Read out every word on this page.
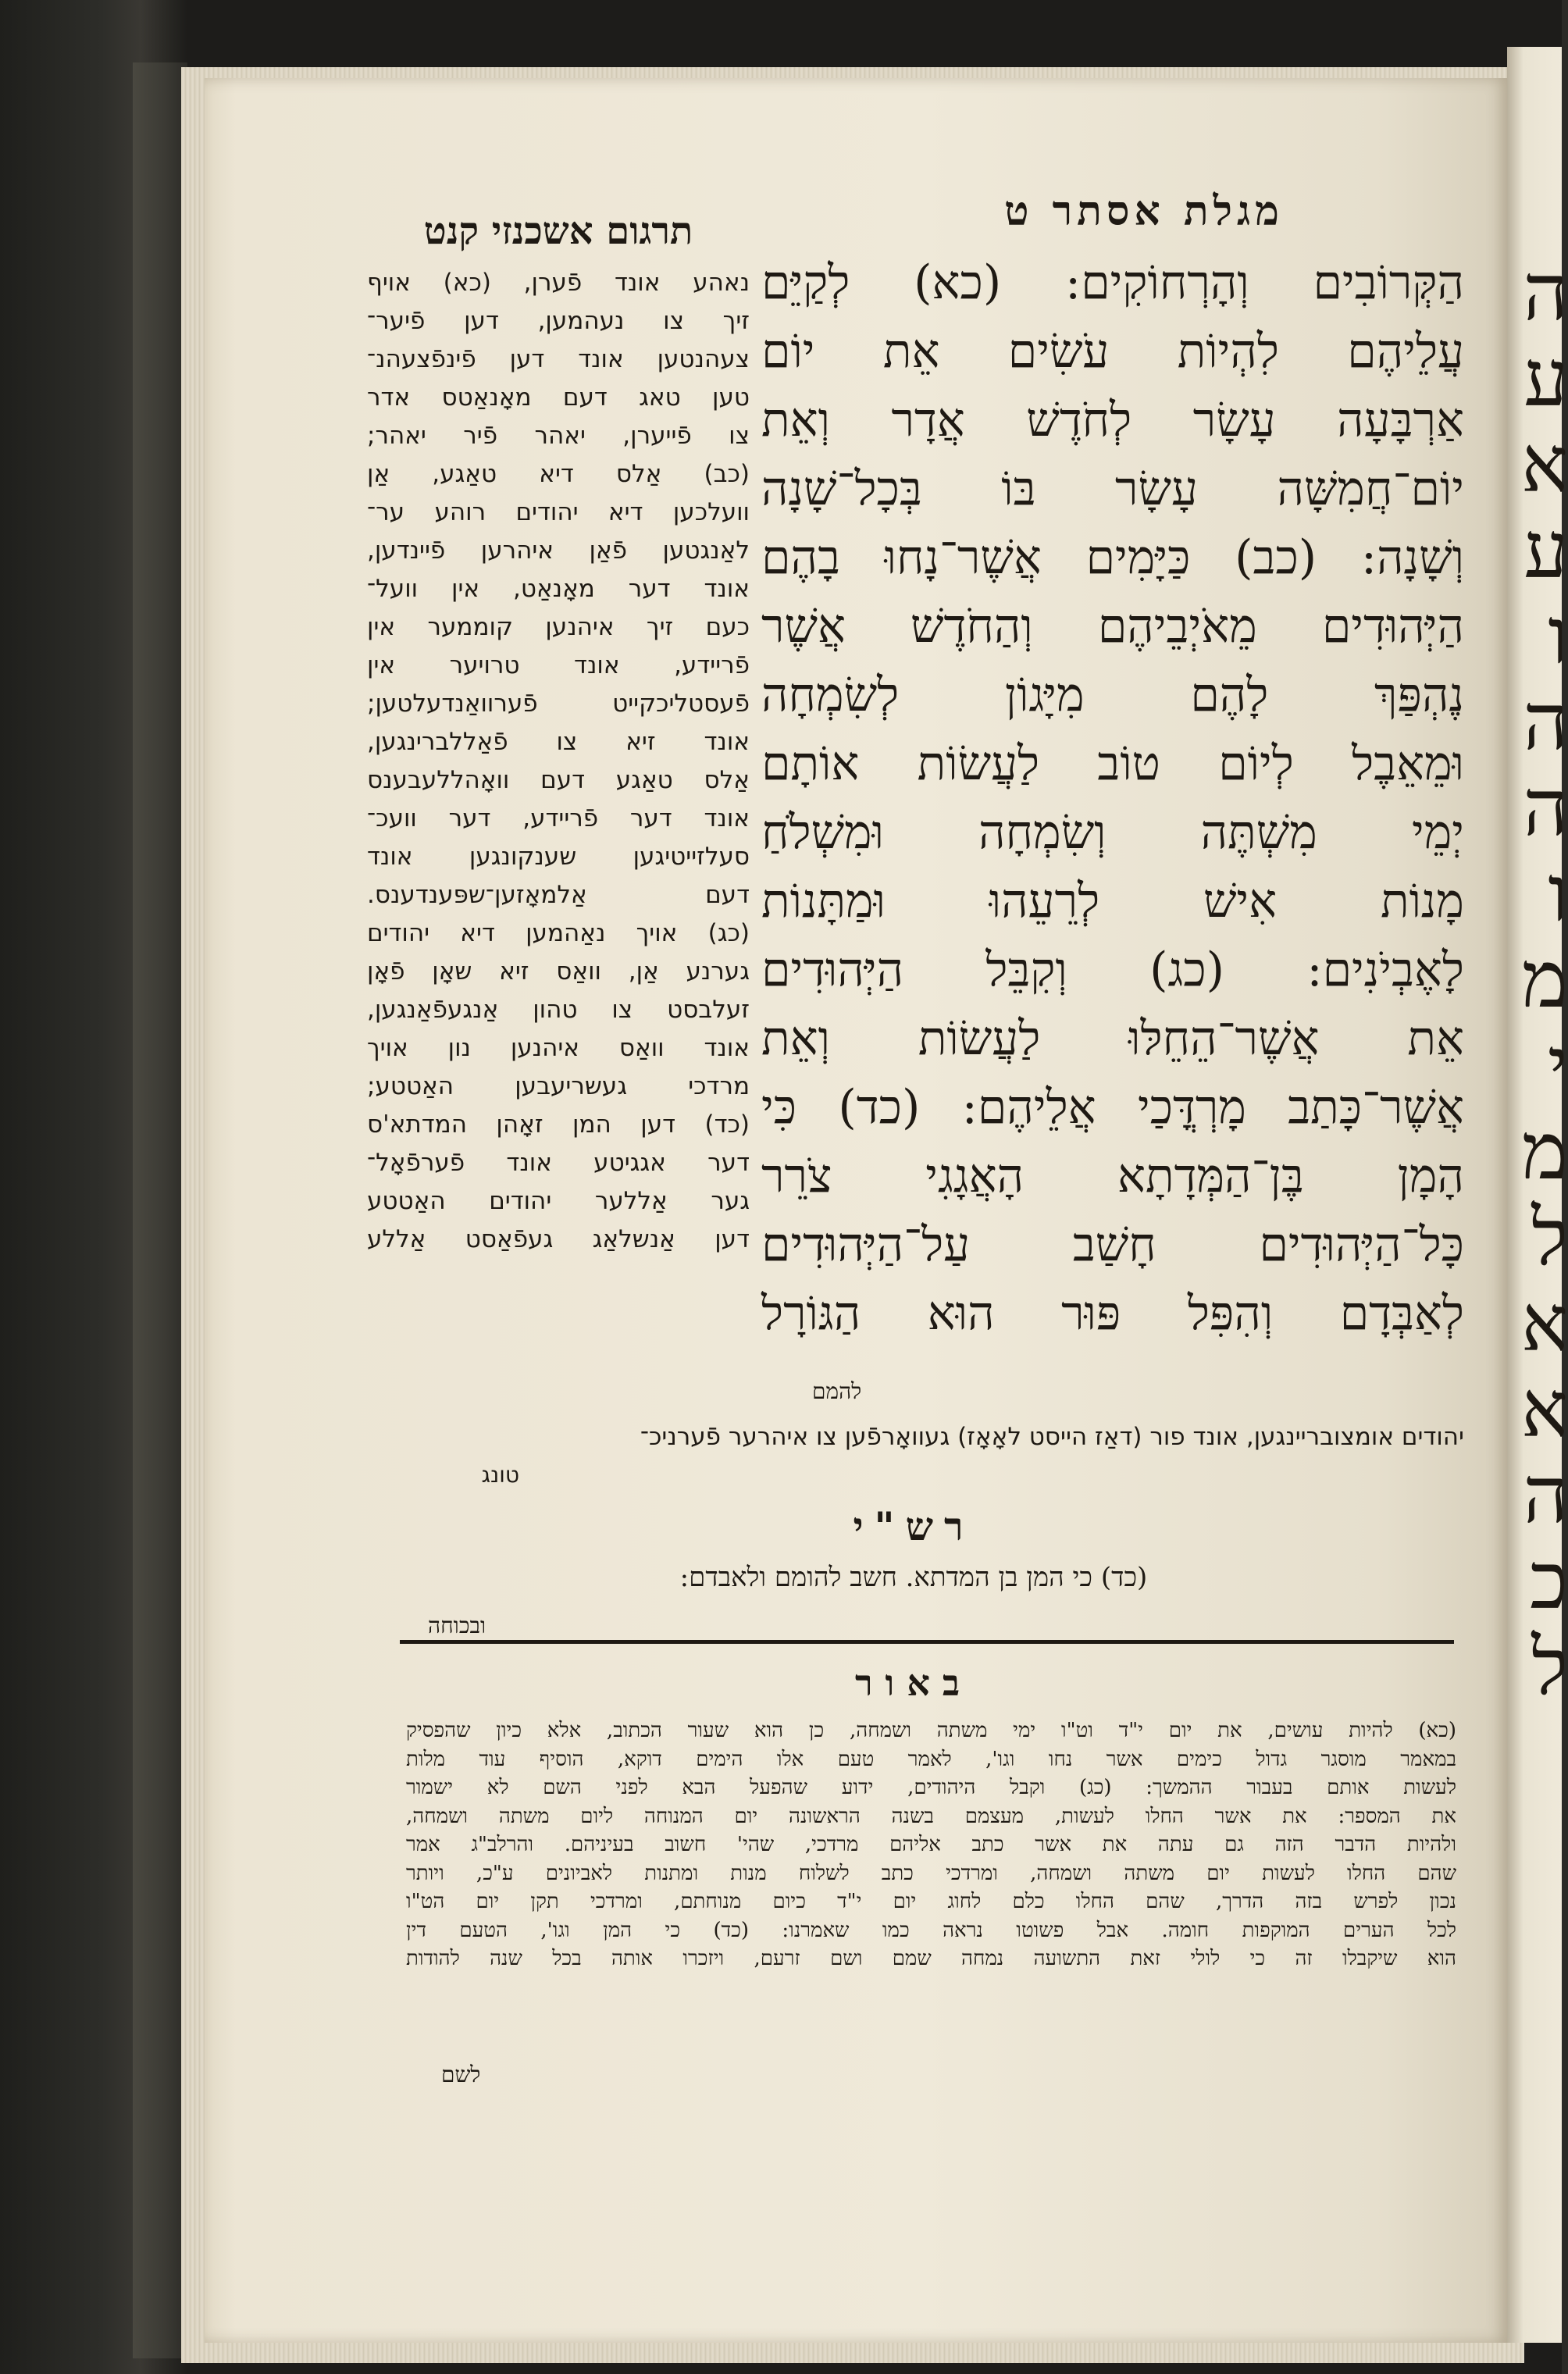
ה ע א ע ו ה ה ו מ י מ ל א א ה כ ל
מגלת אסתר ט
תרגום אשכנזי קנט
הַקְּרוֹבִים וְהָרְחוֹקִים: (כא) לְקַיֵּם
עֲלֵיהֶם לִהְיוֹת עֹשִׂים אֵת יוֹם
אַרְבָּעָה עָשָׂר לְחֹדֶשׁ אֲדָר וְאֵת
יוֹם־חֲמִשָּׁה עָשָׂר בּוֹ בְּכָל־שָׁנָה
וְשָׁנָה: (כב) כַּיָּמִים אֲשֶׁר־נָחוּ בָהֶם
הַיְּהוּדִים מֵאֹיְבֵיהֶם וְהַחֹדֶשׁ אֲשֶׁר
נֶהְפַּךְ לָהֶם מִיָּגוֹן לְשִׂמְחָה
וּמֵאֵבֶל לְיוֹם טוֹב לַעֲשׂוֹת אוֹתָם
יְמֵי מִשְׁתֶּה וְשִׂמְחָה וּמִשְׁלֹחַ
מָנוֹת אִישׁ לְרֵעֵהוּ וּמַתָּנוֹת
לָאֶבְיֹנִים: (כג) וְקִבֵּל הַיְּהוּדִים
אֵת אֲשֶׁר־הֵחֵלּוּ לַעֲשׂוֹת וְאֵת
אֲשֶׁר־כָּתַב מָרְדֳּכַי אֲלֵיהֶם: (כד) כִּי
הָמָן בֶּן־הַמְּדָתָא הָאֲגָגִי צֹרֵר
כָּל־הַיְּהוּדִים חָשַׁב עַל־הַיְּהוּדִים
לְאַבְּדָם וְהִפִּל פּוּר הוּא הַגּוֹרָל
להמם
נאהע אונד פֿערן, (כא) אויף
זיך צו נעהמען, דען פֿיער־
צעהנטען אונד דען פֿינפֿצעהנ־
טען טאג דעם מאָנאַטס אדר
צו פֿייערן, יאהר פֿיר יאהר;
(כב) אַלס דיא טאַגע, אַן
וועלכען דיא יהודים רוהע ער־
לאַנגטען פֿאַן איהרען פֿיינדען,
אונד דער מאָנאַט, אין וועל־
כעם זיך איהנען קוממער אין
פֿריידע, אונד טרויער אין
פֿעסטליכקייט פֿערוואַנדעלטען;
אונד זיא צו פֿאַללברינגען,
אַלס טאַגע דעם וואָהללעבענס
אונד דער פֿריידע, דער וועכ־
סעלזייטיגען שענקונגען אונד
דעם אַלמאָזען־שפּענדענס.
(כג) אויך נאַהמען דיא יהודים
גערנע אַן, וואַס זיא שאָן פֿאָן
זעלבסט צו טהון אַנגעפֿאַנגען,
אונד וואַס איהנען נון אויך
מרדכי געשריעבען האַטטע;
(כד) דען המן זאָהן המדתא'ס
דער אגגיטע אונד פֿערפֿאָל־
גער אַללער יהודים האַטטע
דען אַנשלאַג געפֿאַסט אַללע
יהודים אומצובריינגען, אונד פור (דאַז הייסט לאָאָז) געוואָרפֿען צו איהרער פֿערניכ־
טונג
רש"י
(כד) כי המן בן המדתא. חשב להומם ולאבדם:
ובכוחה
באור
(כא) להיות עושים, את יום י"ד וט"ו ימי משתה ושמחה, כן הוא שעור הכתוב, אלא כיון שהפסיק
במאמר מוסגר גדול כימים אשר נחו וגו', לאמר טעם אלו הימים דוקא, הוסיף עוד מלות
לעשות אותם בעבור ההמשך: (כג) וקבל היהודים, ידוע שהפעל הבא לפני השם לא ישמור
את המספר: את אשר החלו לעשות, מעצמם בשנה הראשונה יום המנוחה ליום משתה ושמחה,
ולהיות הדבר הזה גם עתה את אשר כתב אליהם מרדכי, שהי' חשוב בעיניהם. והרלב"ג אמר
שהם החלו לעשות יום משתה ושמחה, ומרדכי כתב לשלוח מנות ומתנות לאביונים ע"כ, ויותר
נכון לפרש בזה הדרך, שהם החלו כלם לחוג יום י"ד כיום מנוחתם, ומרדכי תקן יום הט"ו
לכל הערים המוקפות חומה. אבל פשוטו נראה כמו שאמרנו: (כד) כי המן וגו', הטעם דין
הוא שיקבלו זה כי לולי זאת התשועה נמחה שמם ושם זרעם, ויזכרו אותה בכל שנה להודות
לשם
